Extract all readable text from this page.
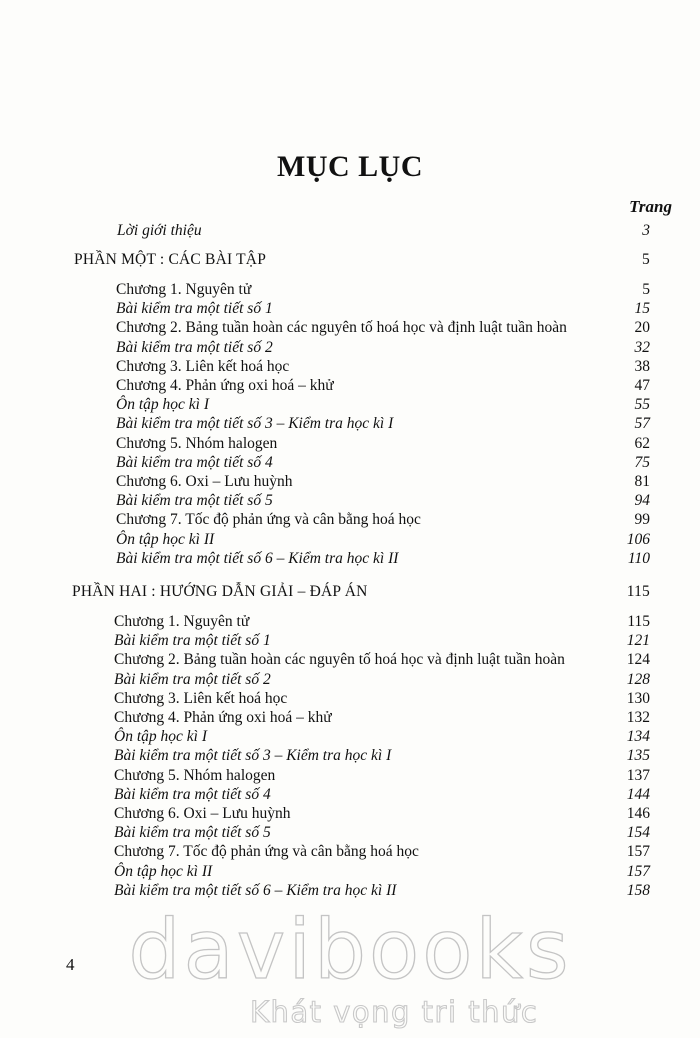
MỤC LỤC
Trang
Lời giới thiệu	3
PHẦN MỘT : CÁC BÀI TẬP	5
Chương 1. Nguyên tử	5
Bài kiểm tra một tiết số 1	15
Chương 2. Bảng tuần hoàn các nguyên tố hoá học và định luật tuần hoàn	20
Bài kiểm tra một tiết số 2	32
Chương 3. Liên kết hoá học	38
Chương 4. Phản ứng oxi hoá – khử	47
Ôn tập học kì I	55
Bài kiểm tra một tiết số 3 – Kiểm tra học kì I	57
Chương 5. Nhóm halogen	62
Bài kiểm tra một tiết số 4	75
Chương 6. Oxi – Lưu huỳnh	81
Bài kiểm tra một tiết số 5	94
Chương 7. Tốc độ phản ứng và cân bằng hoá học	99
Ôn tập học kì II	106
Bài kiểm tra một tiết số 6 – Kiểm tra học kì II	110
PHẦN HAI : HƯỚNG DẪN GIẢI – ĐÁP ÁN	115
Chương 1. Nguyên tử	115
Bài kiểm tra một tiết số 1	121
Chương 2. Bảng tuần hoàn các nguyên tố hoá học và định luật tuần hoàn	124
Bài kiểm tra một tiết số 2	128
Chương 3. Liên kết hoá học	130
Chương 4. Phản ứng oxi hoá – khử	132
Ôn tập học kì I	134
Bài kiểm tra một tiết số 3 – Kiểm tra học kì I	135
Chương 5. Nhóm halogen	137
Bài kiểm tra một tiết số 4	144
Chương 6. Oxi – Lưu huỳnh	146
Bài kiểm tra một tiết số 5	154
Chương 7. Tốc độ phản ứng và cân bằng hoá học	157
Ôn tập học kì II	157
Bài kiểm tra một tiết số 6 – Kiểm tra học kì II	158
4 davibooks
Khát vọng tri thức
